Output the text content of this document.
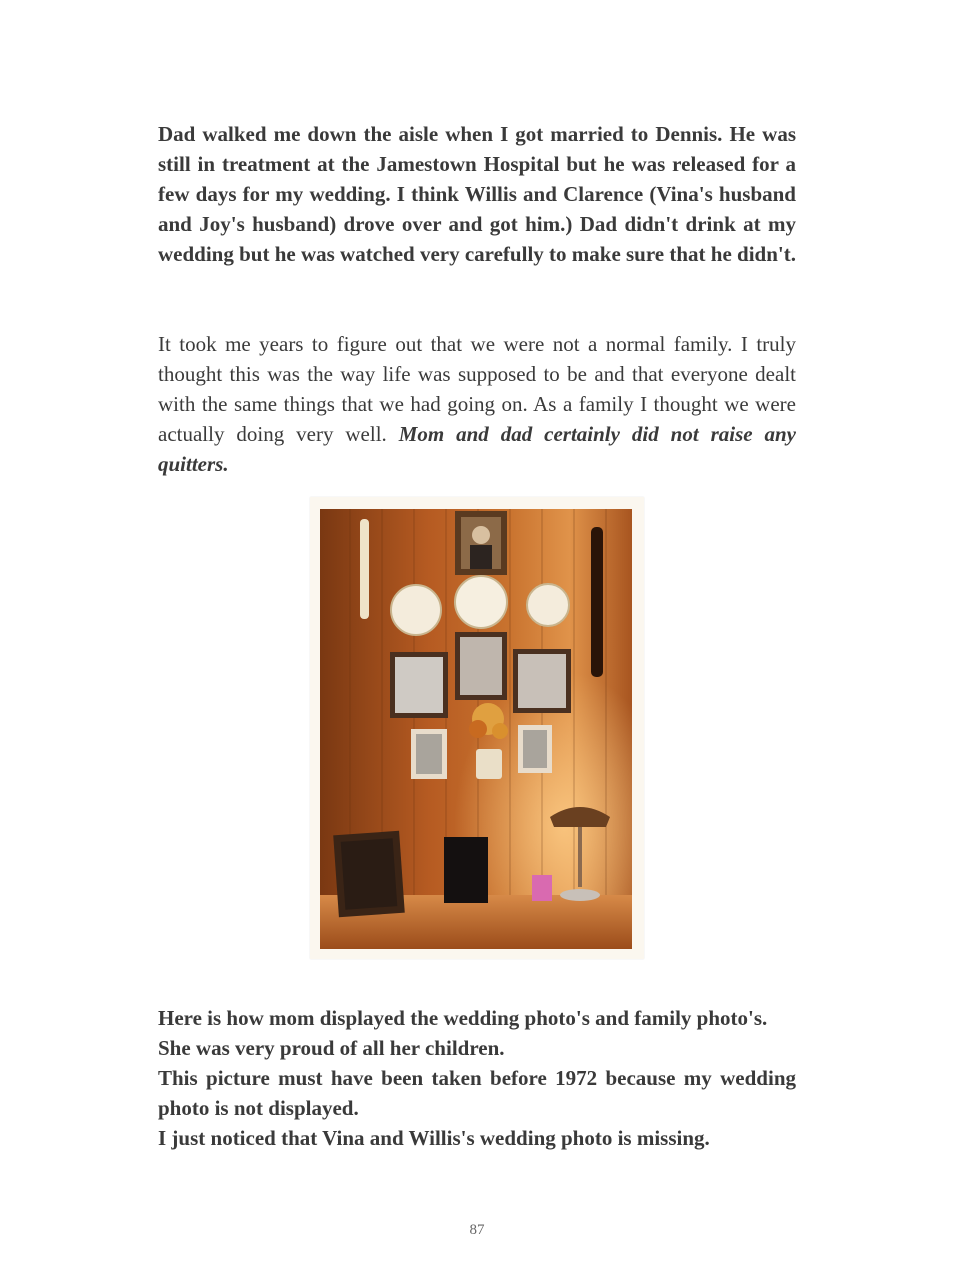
Dad walked me down the aisle when I got married to Dennis. He was still in treatment at the Jamestown Hospital but he was released for a few days for my wedding. I think Willis and Clarence (Vina's husband and Joy's husband) drove over and got him.) Dad didn't drink at my wedding but he was watched very carefully to make sure that he didn't.

It took me years to figure out that we were not a normal family. I truly thought this was the way life was supposed to be and that everyone dealt with the same things that we had going on. As a family I thought we were actually doing very well. Mom and dad certainly did not raise any quitters.

Here is how mom displayed the wedding photo's and family photo's.

She was very proud of all her children.

This picture must have been taken before 1972 because my wedding photo is not displayed.

I just noticed that Vina and Willis's wedding photo is missing.

87
